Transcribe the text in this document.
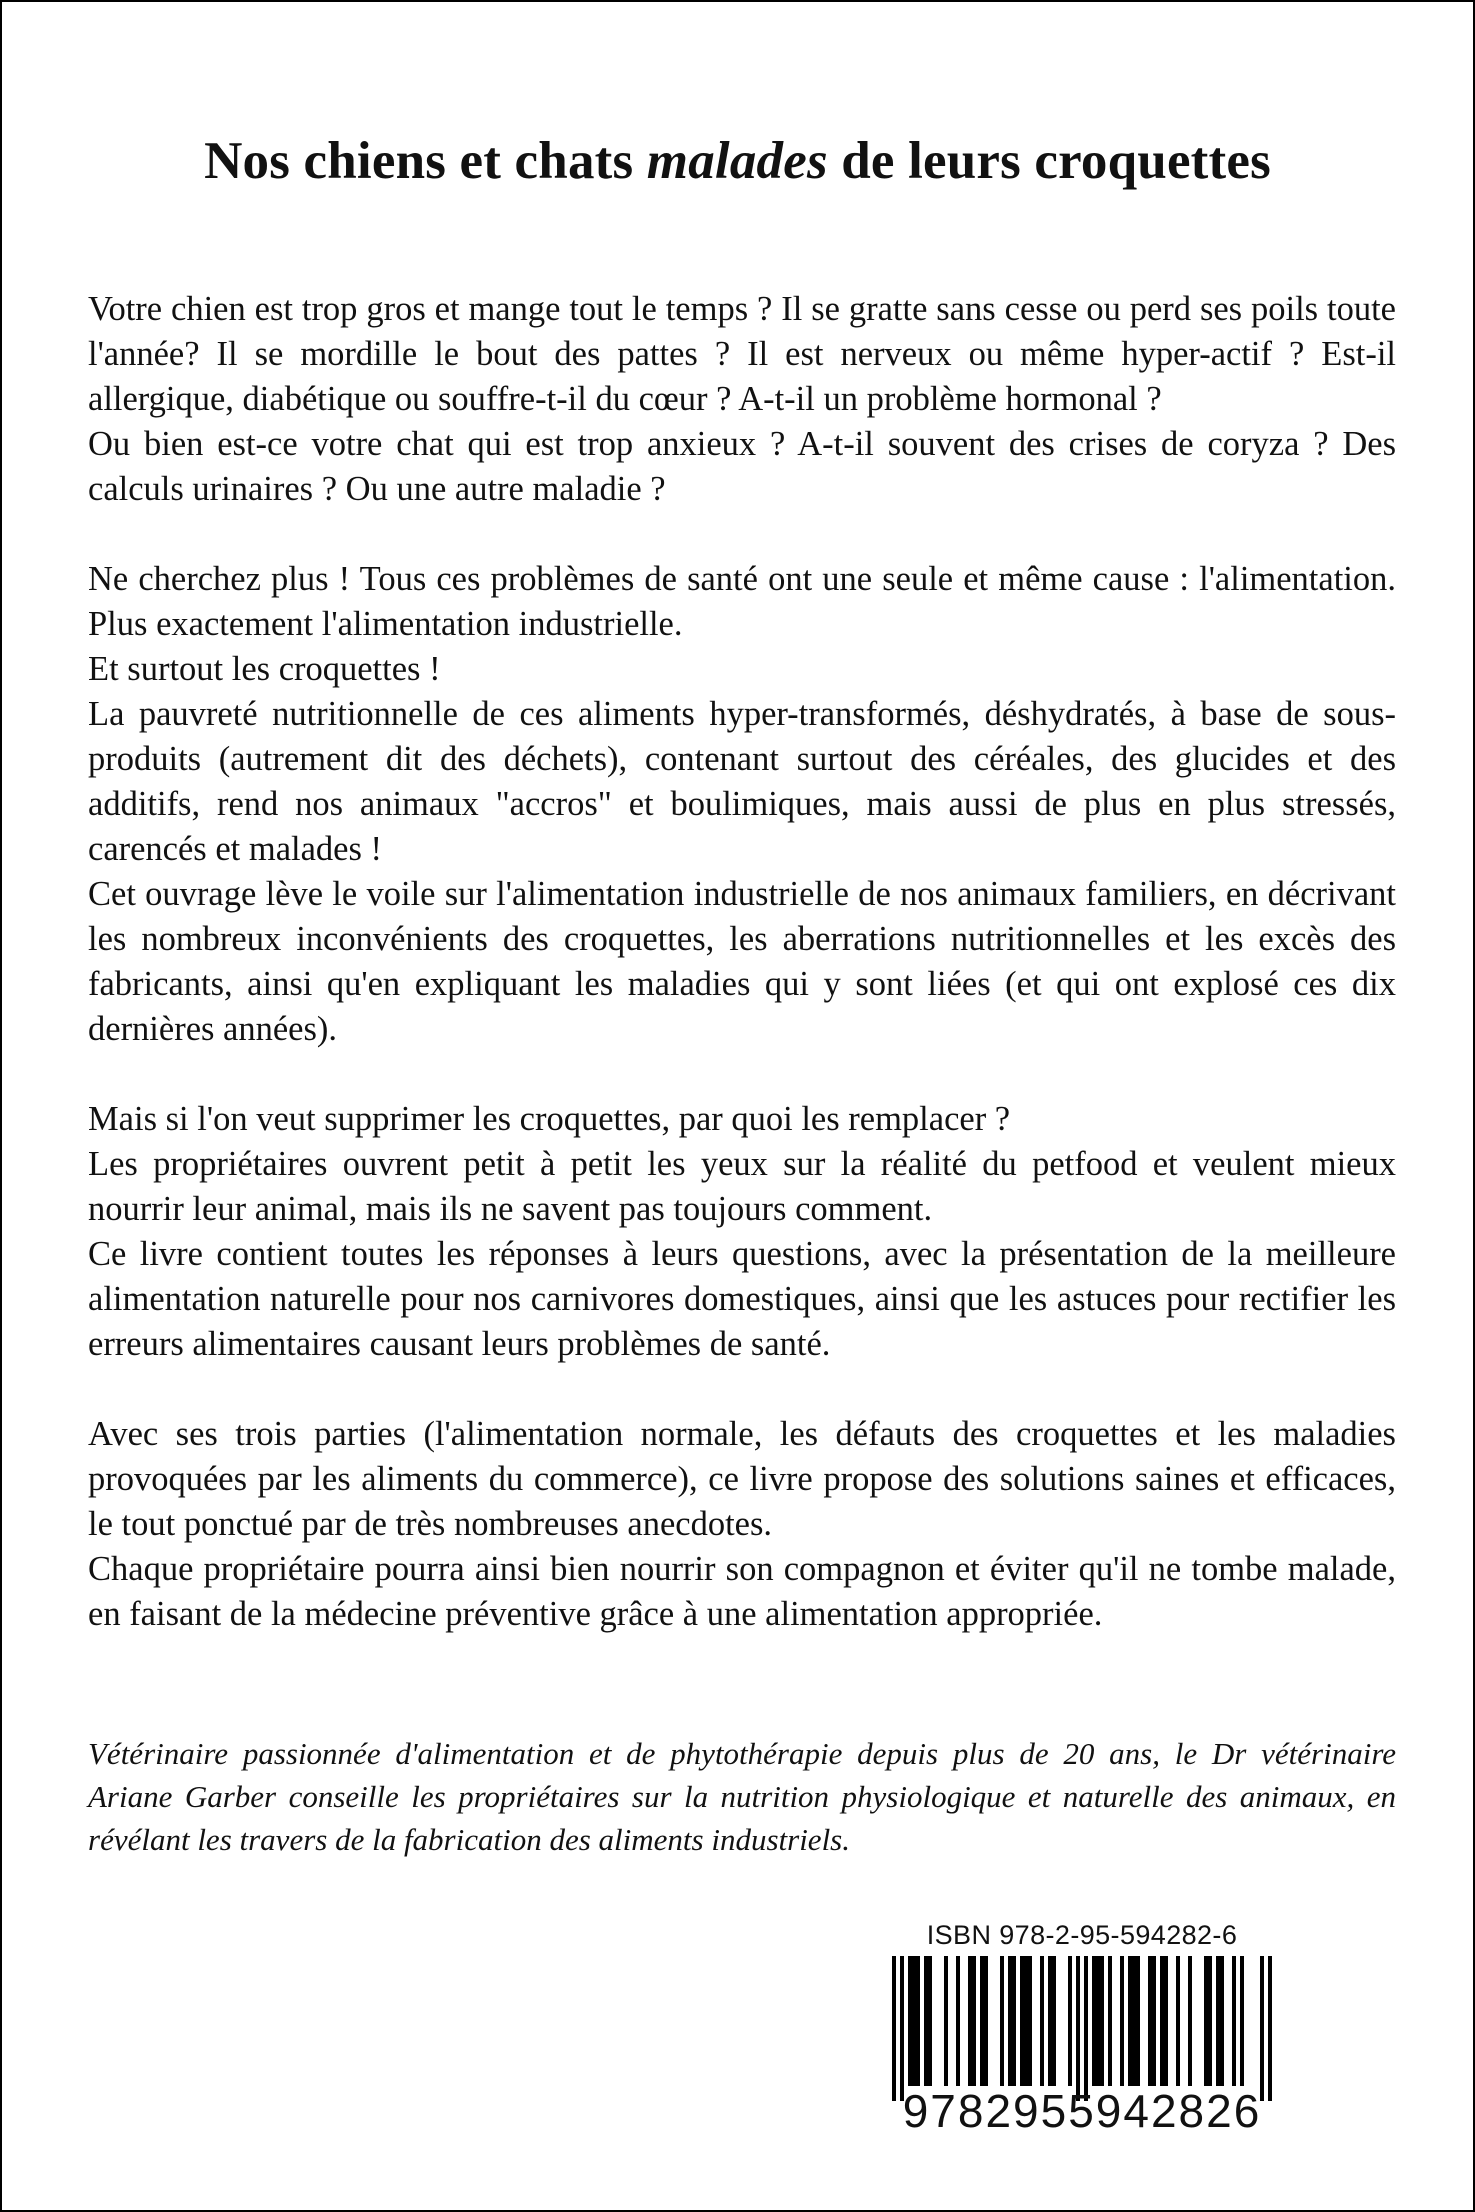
Nos chiens et chats malades de leurs croquettes

Votre chien est trop gros et mange tout le temps ? Il se gratte sans cesse ou perd ses poils toute l'année? Il se mordille le bout des pattes ? Il est nerveux ou même hyper-actif ? Est-il allergique, diabétique ou souffre-t-il du cœur ? A-t-il un problème hormonal ?

Ou bien est-ce votre chat qui est trop anxieux ? A-t-il souvent des crises de coryza ? Des calculs urinaires ? Ou une autre maladie ?

Ne cherchez plus ! Tous ces problèmes de santé ont une seule et même cause : l'alimentation. Plus exactement l'alimentation industrielle.

Et surtout les croquettes !

La pauvreté nutritionnelle de ces aliments hyper-transformés, déshydratés, à base de sous-produits (autrement dit des déchets), contenant surtout des céréales, des glucides et des additifs, rend nos animaux "accros" et boulimiques, mais aussi de plus en plus stressés, carencés et malades !

Cet ouvrage lève le voile sur l'alimentation industrielle de nos animaux familiers, en décrivant les nombreux inconvénients des croquettes, les aberrations nutritionnelles et les excès des fabricants, ainsi qu'en expliquant les maladies qui y sont liées (et qui ont explosé ces dix dernières années).

Mais si l'on veut supprimer les croquettes, par quoi les remplacer ?

Les propriétaires ouvrent petit à petit les yeux sur la réalité du petfood et veulent mieux nourrir leur animal, mais ils ne savent pas toujours comment.

Ce livre contient toutes les réponses à leurs questions, avec la présentation de la meilleure alimentation naturelle pour nos carnivores domestiques, ainsi que les astuces pour rectifier les erreurs alimentaires causant leurs problèmes de santé.

Avec ses trois parties (l'alimentation normale, les défauts des croquettes et les maladies provoquées par les aliments du commerce), ce livre propose des solutions saines et efficaces, le tout ponctué par de très nombreuses anecdotes.

Chaque propriétaire pourra ainsi bien nourrir son compagnon et éviter qu'il ne tombe malade, en faisant de la médecine préventive grâce à une alimentation appropriée.

Vétérinaire passionnée d'alimentation et de phytothérapie depuis plus de 20 ans, le Dr vétérinaire Ariane Garber conseille les propriétaires sur la nutrition physiologique et naturelle des animaux, en révélant les travers de la fabrication des aliments industriels.

ISBN 978-2-95-594282-6
9782955942826
